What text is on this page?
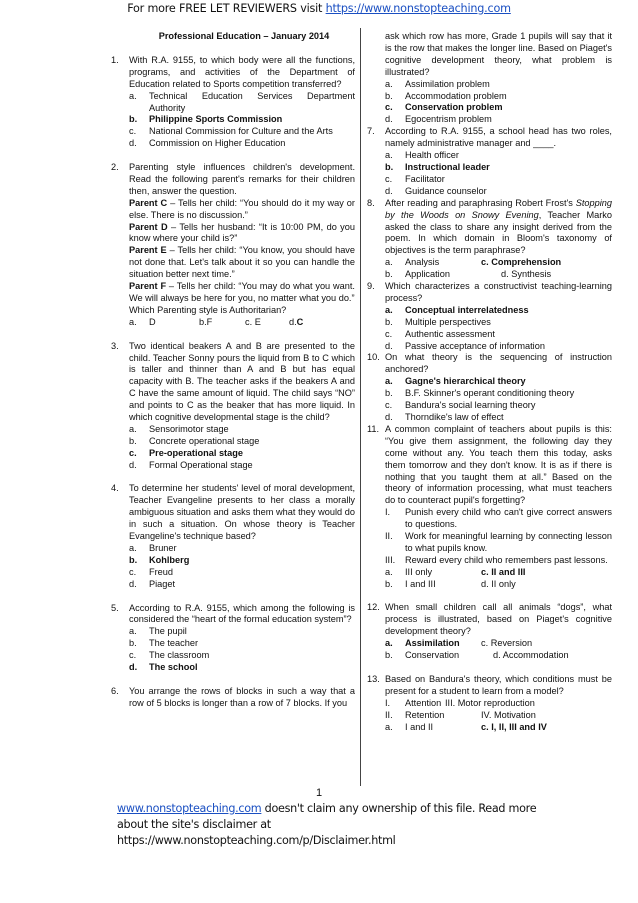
For more FREE LET REVIEWERS visit https://www.nonstopteaching.com
Professional Education – January 2014
1. With R.A. 9155, to which body were all the functions, programs, and activities of the Department of Education related to Sports competition transferred?
a. Technical Education Services Department Authority
b. Philippine Sports Commission
c. National Commission for Culture and the Arts
d. Commission on Higher Education
2. Parenting style influences children's development. Read the following parent's remarks for their children then, answer the question.
Parent C – Tells her child: “You should do it my way or else. There is no discussion.”
Parent D – Tells her husband: “It is 10:00 PM, do you know where your child is?”
Parent E – Tells her child: “You know, you should have not done that. Let's talk about it so you can handle the situation better next time.”
Parent F – Tells her child: “You may do what you want. We will always be here for you, no matter what you do.”
Which Parenting style is Authoritarian?
a.	D	b.F	c. E	d. C
3. Two identical beakers A and B are presented to the child. Teacher Sonny pours the liquid from B to C which is taller and thinner than A and B but has equal capacity with B. The teacher asks if the beakers A and C have the same amount of liquid. The child says “NO” and points to C as the beaker that has more liquid. In which cognitive developmental stage is the child?
a. Sensorimotor stage
b. Concrete operational stage
c. Pre-operational stage
d. Formal Operational stage
4. To determine her students' level of moral development, Teacher Evangeline presents to her class a morally ambiguous situation and asks them what they would do in such a situation. On whose theory is Teacher Evangeline's technique based?
a. Bruner
b. Kohlberg
c. Freud
d. Piaget
5. According to R.A. 9155, which among the following is considered the “heart of the formal education system”?
a. The pupil
b. The teacher
c. The classroom
d. The school
6. You arrange the rows of blocks in such a way that a row of 5 blocks is longer than a row of 7 blocks. If you
ask which row has more, Grade 1 pupils will say that it is the row that makes the longer line. Based on Piaget's cognitive development theory, what problem is illustrated?
a. Assimilation problem
b. Accommodation problem
c. Conservation problem
d. Egocentrism problem
7. According to R.A. 9155, a school head has two roles, namely administrative manager and ____.
a. Health officer
b. Instructional leader
c. Facilitator
d. Guidance counselor
8. After reading and paraphrasing Robert Frost's Stopping by the Woods on Snowy Evening, Teacher Marko asked the class to share any insight derived from the poem. In which domain in Bloom's taxonomy of objectives is the term paraphrase?
a. Analysis	c. Comprehension
b. Application	d. Synthesis
9. Which characterizes a constructivist teaching-learning process?
a. Conceptual interrelatedness
b. Multiple perspectives
c. Authentic assessment
d. Passive acceptance of information
10. On what theory is the sequencing of instruction anchored?
a. Gagne's hierarchical theory
b. B.F. Skinner's operant conditioning theory
c. Bandura's social learning theory
d. Thorndike's law of effect
11. A common complaint of teachers about pupils is this: “You give them assignment, the following day they come without any. You teach them this today, asks them tomorrow and they don't know. It is as if there is nothing that you taught them at all.” Based on the theory of information processing, what must teachers do to counteract pupil's forgetting?
I. Punish every child who can't give correct answers to questions.
II. Work for meaningful learning by connecting lesson to what pupils know.
III. Reward every child who remembers past lessons.
a. III only	c. II and III
b. I and III	d. II only
12. When small children call all animals “dogs”, what process is illustrated, based on Piaget's cognitive development theory?
a. Assimilation	c. Reversion
b. Conservation	d. Accommodation
13. Based on Bandura's theory, which conditions must be present for a student to learn from a model?
I. Attention III. Motor reproduction
II. Retention	IV. Motivation
a. I and II	c. I, II, III and IV
1
www.nonstopteaching.com doesn't claim any ownership of this file. Read more about the site's disclaimer at https://www.nonstopteaching.com/p/Disclaimer.html
